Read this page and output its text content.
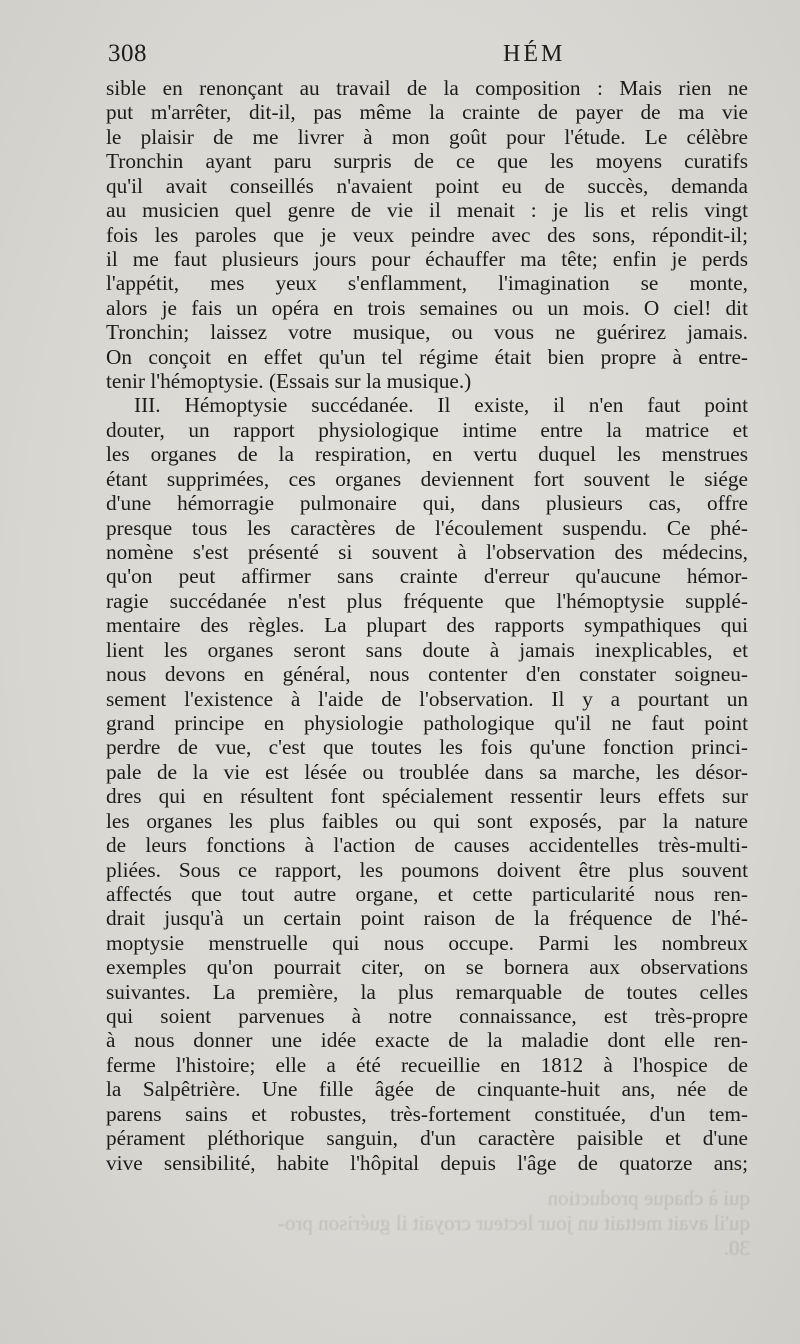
qui à chaque production
qu'il avait mettait un jour lecteur croyait il guérison pro-
30.
308	HÉM
sible en renonçant au travail de la composition : Mais rien ne
put m'arrêter, dit-il, pas même la crainte de payer de ma vie
le plaisir de me livrer à mon goût pour l'étude. Le célèbre
Tronchin ayant paru surpris de ce que les moyens curatifs
qu'il avait conseillés n'avaient point eu de succès, demanda
au musicien quel genre de vie il menait : je lis et relis vingt
fois les paroles que je veux peindre avec des sons, répondit-il;
il me faut plusieurs jours pour échauffer ma tête; enfin je perds
l'appétit, mes yeux s'enflamment, l'imagination se monte,
alors je fais un opéra en trois semaines ou un mois. O ciel! dit
Tronchin; laissez votre musique, ou vous ne guérirez jamais.
On conçoit en effet qu'un tel régime était bien propre à entre-
tenir l'hémoptysie. (Essais sur la musique.)
III. Hémoptysie succédanée. Il existe, il n'en faut point
douter, un rapport physiologique intime entre la matrice et
les organes de la respiration, en vertu duquel les menstrues
étant supprimées, ces organes deviennent fort souvent le siége
d'une hémorragie pulmonaire qui, dans plusieurs cas, offre
presque tous les caractères de l'écoulement suspendu. Ce phé-
nomène s'est présenté si souvent à l'observation des médecins,
qu'on peut affirmer sans crainte d'erreur qu'aucune hémor-
ragie succédanée n'est plus fréquente que l'hémoptysie supplé-
mentaire des règles. La plupart des rapports sympathiques qui
lient les organes seront sans doute à jamais inexplicables, et
nous devons en général, nous contenter d'en constater soigneu-
sement l'existence à l'aide de l'observation. Il y a pourtant un
grand principe en physiologie pathologique qu'il ne faut point
perdre de vue, c'est que toutes les fois qu'une fonction princi-
pale de la vie est lésée ou troublée dans sa marche, les désor-
dres qui en résultent font spécialement ressentir leurs effets sur
les organes les plus faibles ou qui sont exposés, par la nature
de leurs fonctions à l'action de causes accidentelles très-multi-
pliées. Sous ce rapport, les poumons doivent être plus souvent
affectés que tout autre organe, et cette particularité nous ren-
drait jusqu'à un certain point raison de la fréquence de l'hé-
moptysie menstruelle qui nous occupe. Parmi les nombreux
exemples qu'on pourrait citer, on se bornera aux observations
suivantes. La première, la plus remarquable de toutes celles
qui soient parvenues à notre connaissance, est très-propre
à nous donner une idée exacte de la maladie dont elle ren-
ferme l'histoire; elle a été recueillie en 1812 à l'hospice de
la Salpêtrière. Une fille âgée de cinquante-huit ans, née de
parens sains et robustes, très-fortement constituée, d'un tem-
pérament pléthorique sanguin, d'un caractère paisible et d'une
vive sensibilité, habite l'hôpital depuis l'âge de quatorze ans;
